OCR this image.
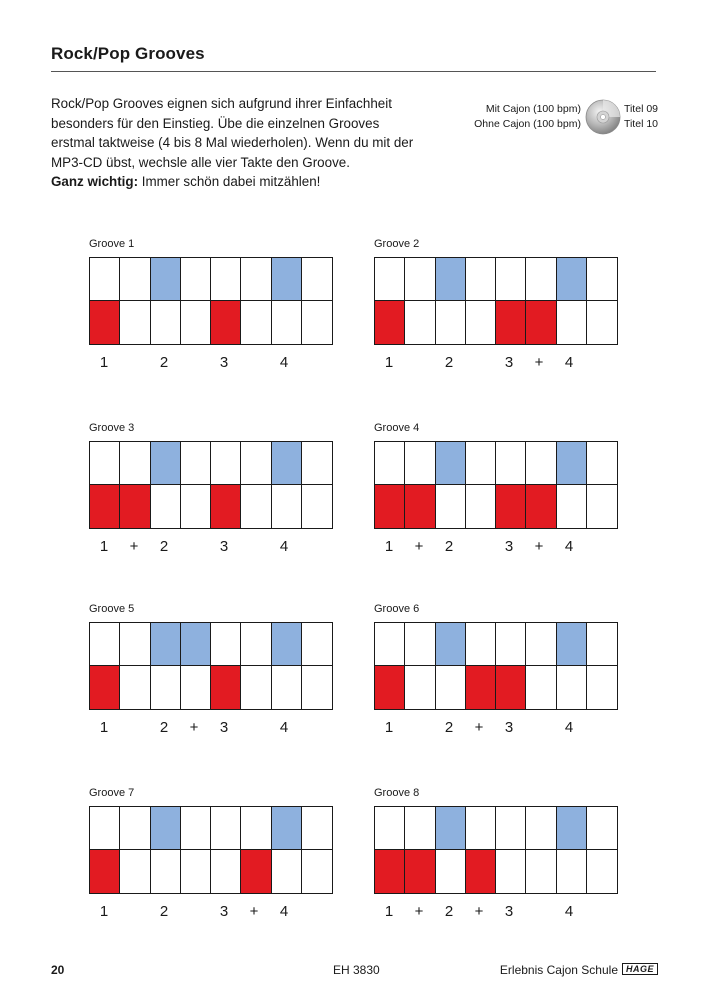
Rock/Pop Grooves

Rock/Pop Grooves eignen sich aufgrund ihrer Einfachheit

besonders für den Einstieg. Übe die einzelnen Grooves

erstmal taktweise (4 bis 8 Mal wiederholen). Wenn du mit der

MP3-CD übst, wechsle alle vier Takte den Groove.

Ganz wichtig: Immer schön dabei mitzählen!

Mit Cajon (100 bpm)
Ohne Cajon (100 bpm)
Titel 09
Titel 10
Groove 1
1	2	3	4
Groove 2
1	2	3	+	4
Groove 3
1	+	2	3	4
Groove 4
1	+	2	3	+	4
Groove 5
1	2	+	3	4
Groove 6
1	2	+	3	4
Groove 7
1	2	3	+	4
Groove 8
1	+	2	+	3	4
20	EH 3830	Erlebnis Cajon Schule HAGE
